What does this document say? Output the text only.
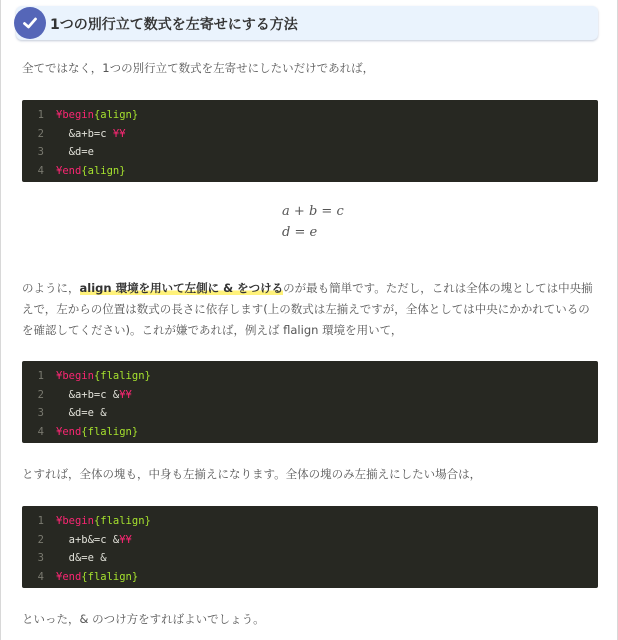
1つの別行立て数式を左寄せにする方法
全てではなく，1つの別行立て数式を左寄せにしたいだけであれば，
1	¥begin{align}
2	&a+b=c ¥¥
3	&d=e
4	¥end{align}
a + b = c
d = e
のように，align 環境を用いて左側に & をつけるのが最も簡単です。ただし，これは全体の塊としては中央揃えで，左からの位置は数式の長さに依存します(上の数式は左揃えですが，全体としては中央にかかれているのを確認してください)。これが嫌であれば，例えば flalign 環境を用いて，
1	¥begin{flalign}
2	&a+b=c &¥¥
3	&d=e &
4	¥end{flalign}
とすれば，全体の塊も，中身も左揃えになります。全体の塊のみ左揃えにしたい場合は，
1	¥begin{flalign}
2	a+b&=c &¥¥
3	d&=e &
4	¥end{flalign}
といった，& のつけ方をすればよいでしょう。
